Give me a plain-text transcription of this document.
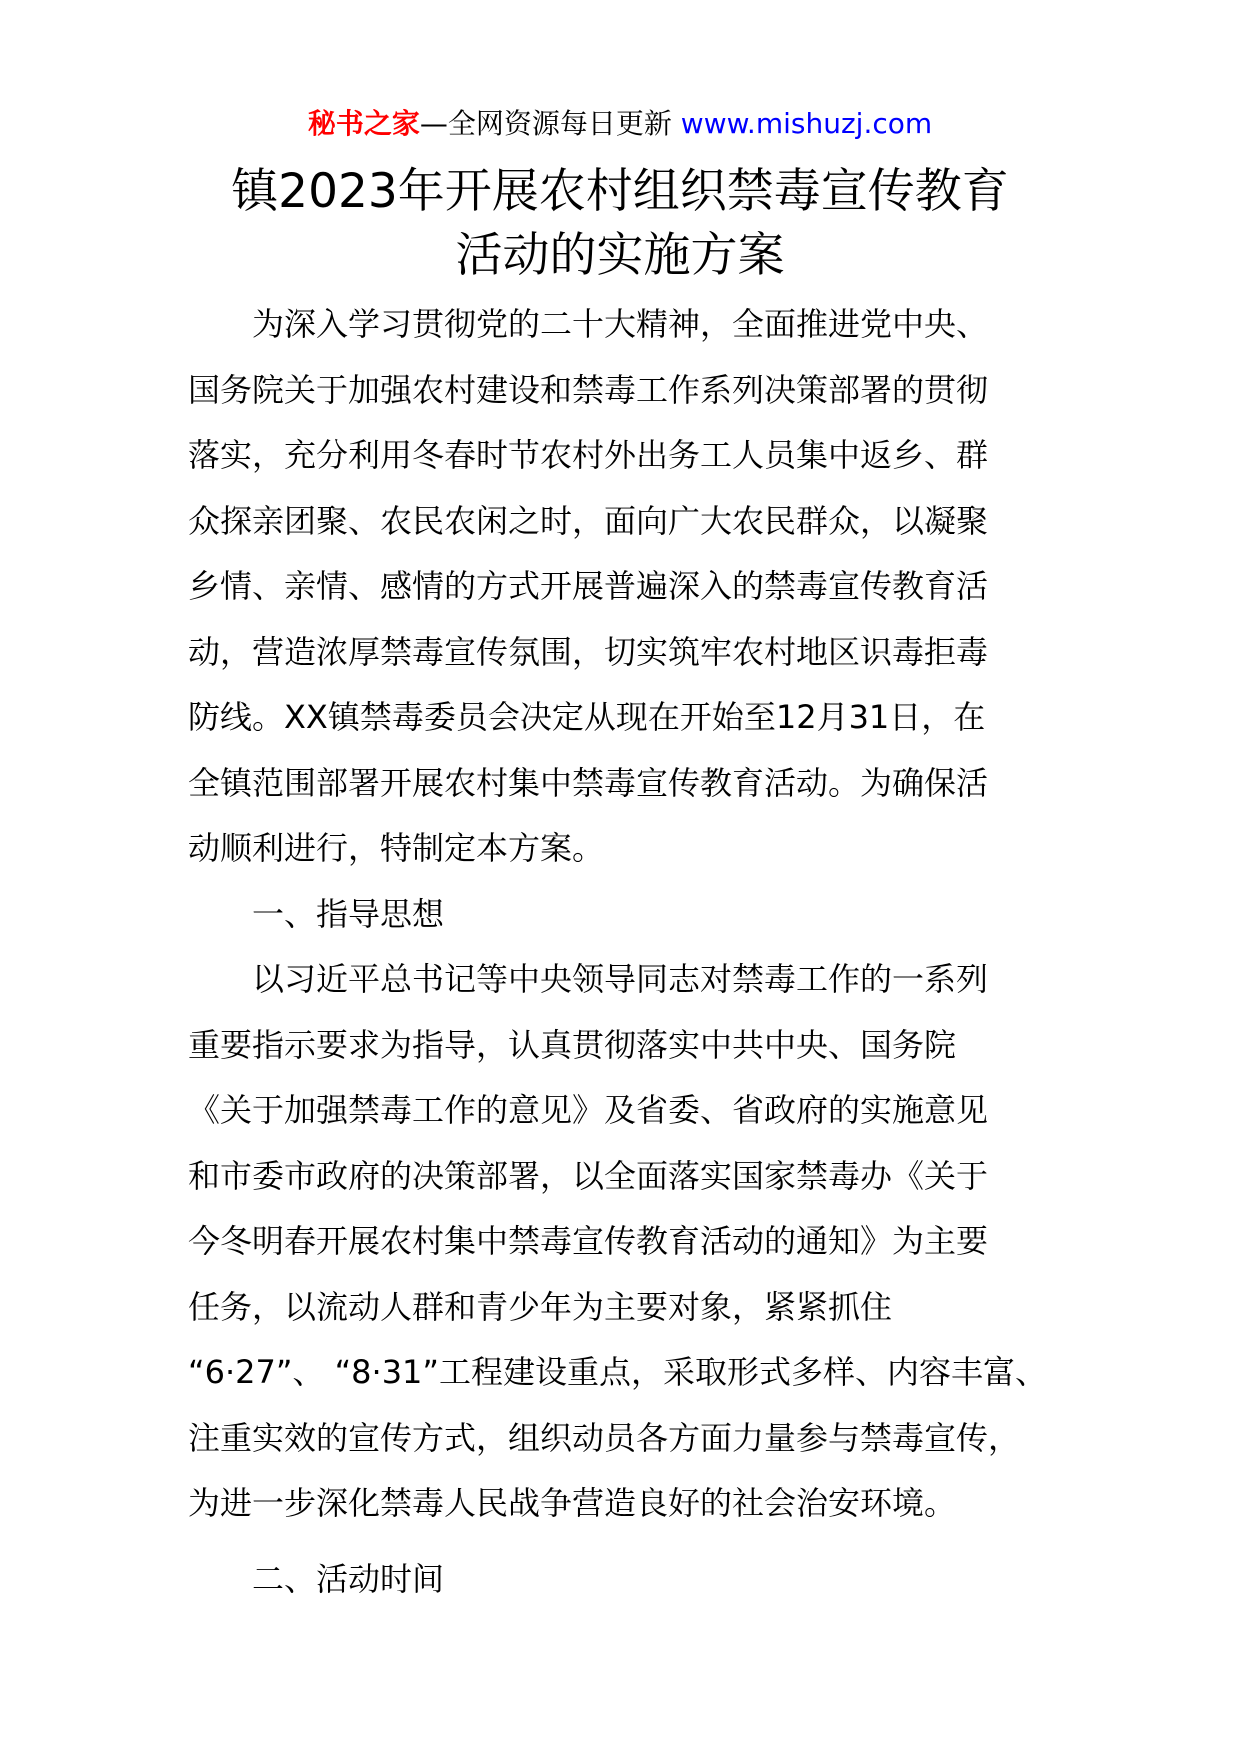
秘书之家—全网资源每日更新 www.mishuzj.com
镇2023年开展农村组织禁毒宣传教育
活动的实施方案

　　为深入学习贯彻党的二十大精神，全面推进党中央、

国务院关于加强农村建设和禁毒工作系列决策部署的贯彻

落实，充分利用冬春时节农村外出务工人员集中返乡、群

众探亲团聚、农民农闲之时，面向广大农民群众，以凝聚

乡情、亲情、感情的方式开展普遍深入的禁毒宣传教育活

动，营造浓厚禁毒宣传氛围，切实筑牢农村地区识毒拒毒

防线。XX镇禁毒委员会决定从现在开始至12月31日，在

全镇范围部署开展农村集中禁毒宣传教育活动。为确保活

动顺利进行，特制定本方案。

　　一、指导思想

　　以习近平总书记等中央领导同志对禁毒工作的一系列

重要指示要求为指导，认真贯彻落实中共中央、国务院

《关于加强禁毒工作的意见》及省委、省政府的实施意见

和市委市政府的决策部署，以全面落实国家禁毒办《关于

今冬明春开展农村集中禁毒宣传教育活动的通知》为主要

任务，以流动人群和青少年为主要对象，紧紧抓住

“6·27”、 “8·31”工程建设重点，采取形式多样、内容丰富、

注重实效的宣传方式，组织动员各方面力量参与禁毒宣传，

为进一步深化禁毒人民战争营造良好的社会治安环境。

　　二、活动时间
